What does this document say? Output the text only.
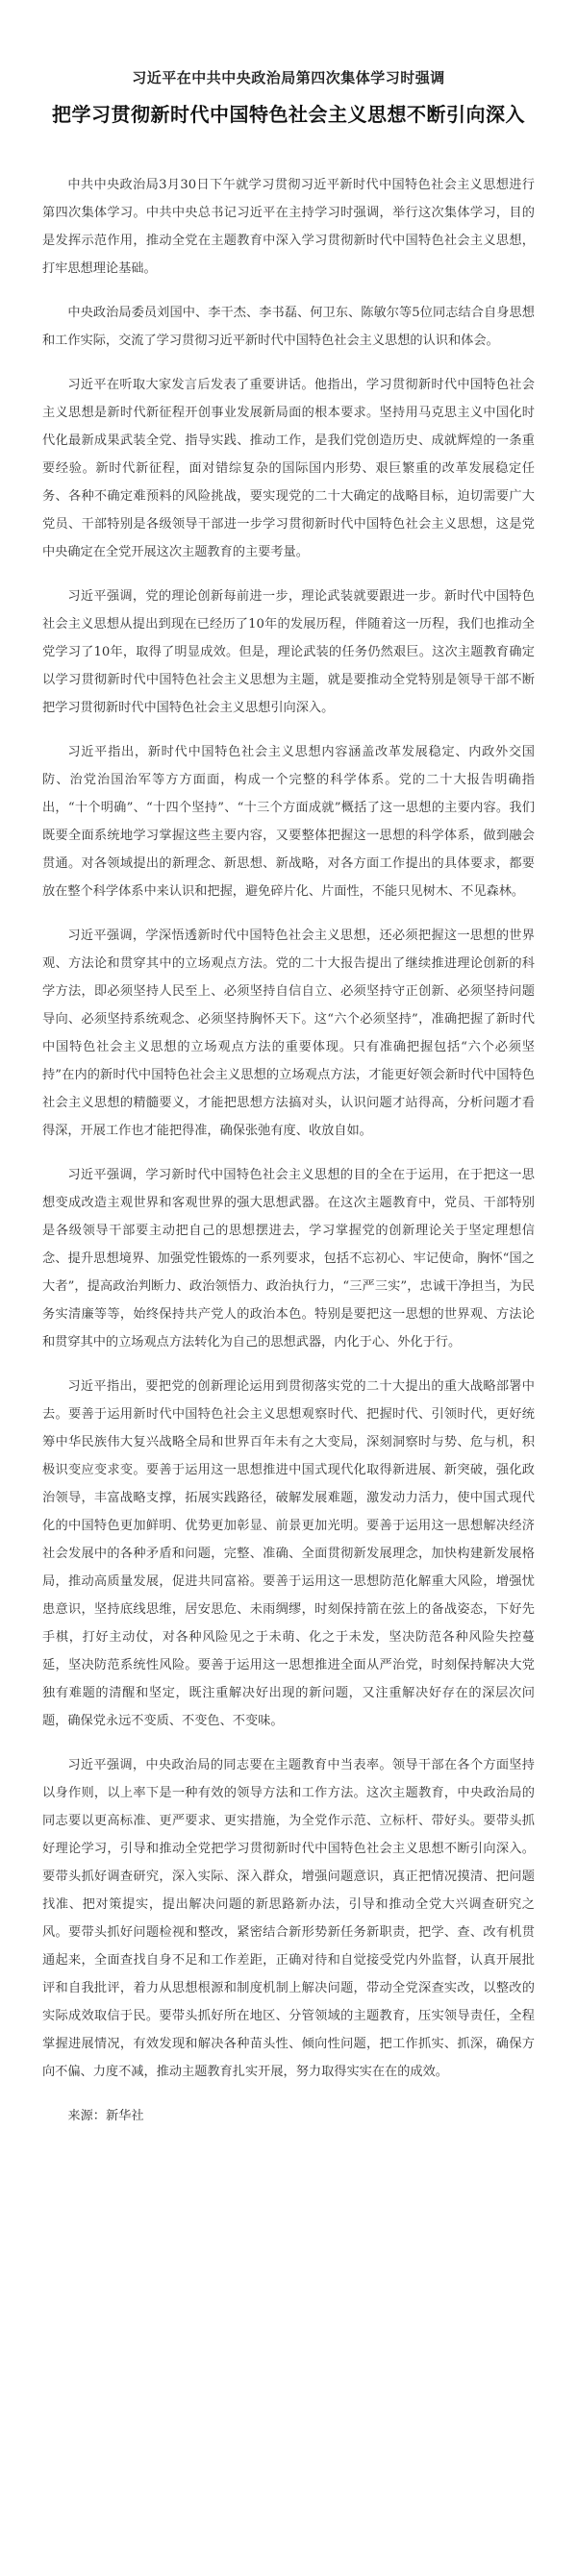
习近平在中共中央政治局第四次集体学习时强调
把学习贯彻新时代中国特色社会主义思想不断引向深入

中共中央政治局3月30日下午就学习贯彻习近平新时代中国特色社会主义思想进行第四次集体学习。中共中央总书记习近平在主持学习时强调，举行这次集体学习，目的是发挥示范作用，推动全党在主题教育中深入学习贯彻新时代中国特色社会主义思想，打牢思想理论基础。

中央政治局委员刘国中、李干杰、李书磊、何卫东、陈敏尔等5位同志结合自身思想和工作实际，交流了学习贯彻习近平新时代中国特色社会主义思想的认识和体会。

习近平在听取大家发言后发表了重要讲话。他指出，学习贯彻新时代中国特色社会主义思想是新时代新征程开创事业发展新局面的根本要求。坚持用马克思主义中国化时代化最新成果武装全党、指导实践、推动工作，是我们党创造历史、成就辉煌的一条重要经验。新时代新征程，面对错综复杂的国际国内形势、艰巨繁重的改革发展稳定任务、各种不确定难预料的风险挑战，要实现党的二十大确定的战略目标，迫切需要广大党员、干部特别是各级领导干部进一步学习贯彻新时代中国特色社会主义思想，这是党中央确定在全党开展这次主题教育的主要考量。

习近平强调，党的理论创新每前进一步，理论武装就要跟进一步。新时代中国特色社会主义思想从提出到现在已经历了10年的发展历程，伴随着这一历程，我们也推动全党学习了10年，取得了明显成效。但是，理论武装的任务仍然艰巨。这次主题教育确定以学习贯彻新时代中国特色社会主义思想为主题，就是要推动全党特别是领导干部不断把学习贯彻新时代中国特色社会主义思想引向深入。

习近平指出，新时代中国特色社会主义思想内容涵盖改革发展稳定、内政外交国防、治党治国治军等方方面面，构成一个完整的科学体系。党的二十大报告明确指出，“十个明确”、“十四个坚持”、“十三个方面成就”概括了这一思想的主要内容。我们既要全面系统地学习掌握这些主要内容，又要整体把握这一思想的科学体系，做到融会贯通。对各领域提出的新理念、新思想、新战略，对各方面工作提出的具体要求，都要放在整个科学体系中来认识和把握，避免碎片化、片面性，不能只见树木、不见森林。

习近平强调，学深悟透新时代中国特色社会主义思想，还必须把握这一思想的世界观、方法论和贯穿其中的立场观点方法。党的二十大报告提出了继续推进理论创新的科学方法，即必须坚持人民至上、必须坚持自信自立、必须坚持守正创新、必须坚持问题导向、必须坚持系统观念、必须坚持胸怀天下。这“六个必须坚持”，准确把握了新时代中国特色社会主义思想的立场观点方法的重要体现。只有准确把握包括“六个必须坚持”在内的新时代中国特色社会主义思想的立场观点方法，才能更好领会新时代中国特色社会主义思想的精髓要义，才能把思想方法搞对头，认识问题才站得高，分析问题才看得深，开展工作也才能把得准，确保张弛有度、收放自如。

习近平强调，学习新时代中国特色社会主义思想的目的全在于运用，在于把这一思想变成改造主观世界和客观世界的强大思想武器。在这次主题教育中，党员、干部特别是各级领导干部要主动把自己的思想摆进去，学习掌握党的创新理论关于坚定理想信念、提升思想境界、加强党性锻炼的一系列要求，包括不忘初心、牢记使命，胸怀“国之大者”，提高政治判断力、政治领悟力、政治执行力，“三严三实”，忠诚干净担当，为民务实清廉等等，始终保持共产党人的政治本色。特别是要把这一思想的世界观、方法论和贯穿其中的立场观点方法转化为自己的思想武器，内化于心、外化于行。

习近平指出，要把党的创新理论运用到贯彻落实党的二十大提出的重大战略部署中去。要善于运用新时代中国特色社会主义思想观察时代、把握时代、引领时代，更好统筹中华民族伟大复兴战略全局和世界百年未有之大变局，深刻洞察时与势、危与机，积极识变应变求变。要善于运用这一思想推进中国式现代化取得新进展、新突破，强化政治领导，丰富战略支撑，拓展实践路径，破解发展难题，激发动力活力，使中国式现代化的中国特色更加鲜明、优势更加彰显、前景更加光明。要善于运用这一思想解决经济社会发展中的各种矛盾和问题，完整、准确、全面贯彻新发展理念，加快构建新发展格局，推动高质量发展，促进共同富裕。要善于运用这一思想防范化解重大风险，增强忧患意识，坚持底线思维，居安思危、未雨绸缪，时刻保持箭在弦上的备战姿态，下好先手棋，打好主动仗，对各种风险见之于未萌、化之于未发，坚决防范各种风险失控蔓延，坚决防范系统性风险。要善于运用这一思想推进全面从严治党，时刻保持解决大党独有难题的清醒和坚定，既注重解决好出现的新问题，又注重解决好存在的深层次问题，确保党永远不变质、不变色、不变味。

习近平强调，中央政治局的同志要在主题教育中当表率。领导干部在各个方面坚持以身作则，以上率下是一种有效的领导方法和工作方法。这次主题教育，中央政治局的同志要以更高标准、更严要求、更实措施，为全党作示范、立标杆、带好头。要带头抓好理论学习，引导和推动全党把学习贯彻新时代中国特色社会主义思想不断引向深入。要带头抓好调查研究，深入实际、深入群众，增强问题意识，真正把情况摸清、把问题找准、把对策提实，提出解决问题的新思路新办法，引导和推动全党大兴调查研究之风。要带头抓好问题检视和整改，紧密结合新形势新任务新职责，把学、查、改有机贯通起来，全面查找自身不足和工作差距，正确对待和自觉接受党内外监督，认真开展批评和自我批评，着力从思想根源和制度机制上解决问题，带动全党深查实改，以整改的实际成效取信于民。要带头抓好所在地区、分管领域的主题教育，压实领导责任，全程掌握进展情况，有效发现和解决各种苗头性、倾向性问题，把工作抓实、抓深，确保方向不偏、力度不减，推动主题教育扎实开展，努力取得实实在在的成效。

来源：新华社
